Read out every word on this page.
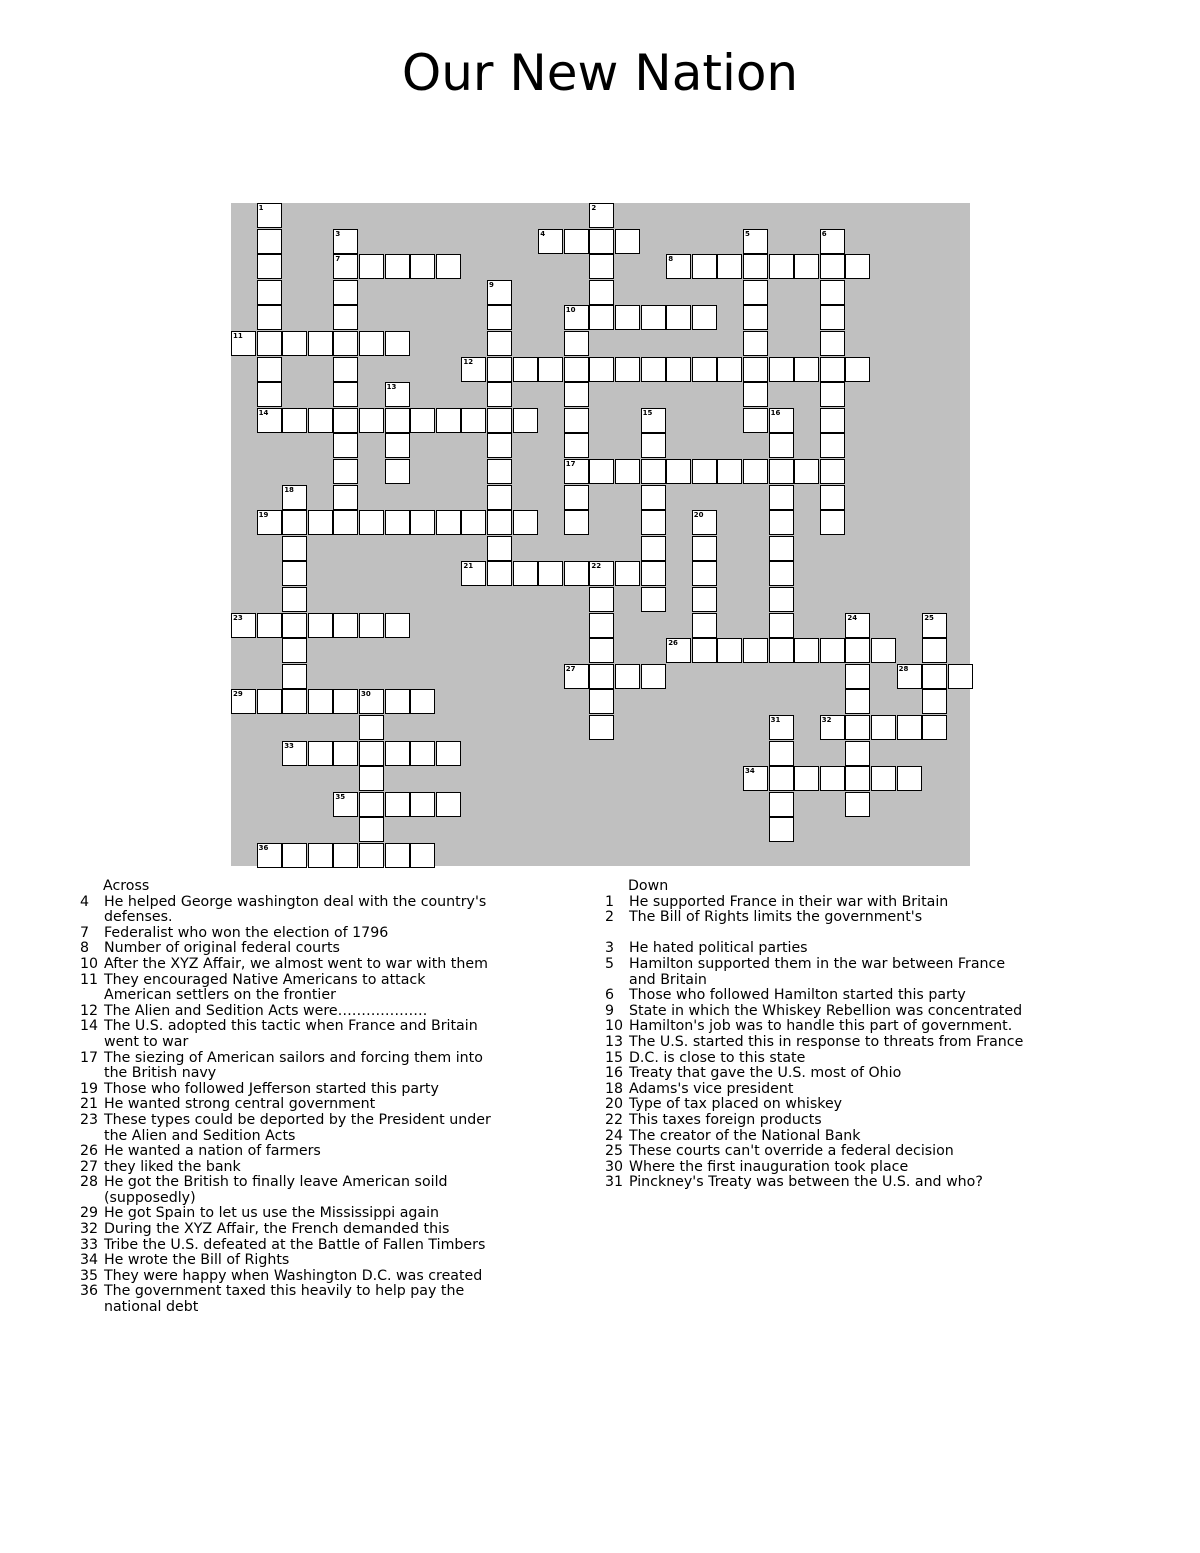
Our New Nation
4
7	8
10
11
12
14
17
19
21	22
23
26
27	28
29	30
32
33
34
35
36
1	2
3	5	6
9
13
15	16
18
20
24	25
31
Across
4	He helped George washington deal with the country's defenses.
7	Federalist who won the election of 1796
8	Number of original federal courts
10 After the XYZ Affair, we almost went to war with them
11 They encouraged Native Americans to attack American settlers on the frontier
12 The Alien and Sedition Acts were……………….
14 The U.S. adopted this tactic when France and Britain went to war
17 The siezing of American sailors and forcing them into the British navy
19 Those who followed Jefferson started this party
21 He wanted strong central government
23 These types could be deported by the President under the Alien and Sedition Acts
26 He wanted a nation of farmers
27 they liked the bank
28 He got the British to finally leave American soild (supposedly)
29 He got Spain to let us use the Mississippi again
32 During the XYZ Affair, the French demanded this
33 Tribe the U.S. defeated at the Battle of Fallen Timbers
34 He wrote the Bill of Rights
35 They were happy when Washington D.C. was created
36 The government taxed this heavily to help pay the national debt
Down
1	He supported France in their war with Britain
2	The Bill of Rights limits the government's
3	He hated political parties
5	Hamilton supported them in the war between France and Britain
6	Those who followed Hamilton started this party
9	State in which the Whiskey Rebellion was concentrated
10 Hamilton's job was to handle this part of government.
13 The U.S. started this in response to threats from France
15 D.C. is close to this state
16 Treaty that gave the U.S. most of Ohio
18 Adams's vice president
20 Type of tax placed on whiskey
22 This taxes foreign products
24 The creator of the National Bank
25 These courts can't override a federal decision
30 Where the first inauguration took place
31 Pinckney's Treaty was between the U.S. and who?
